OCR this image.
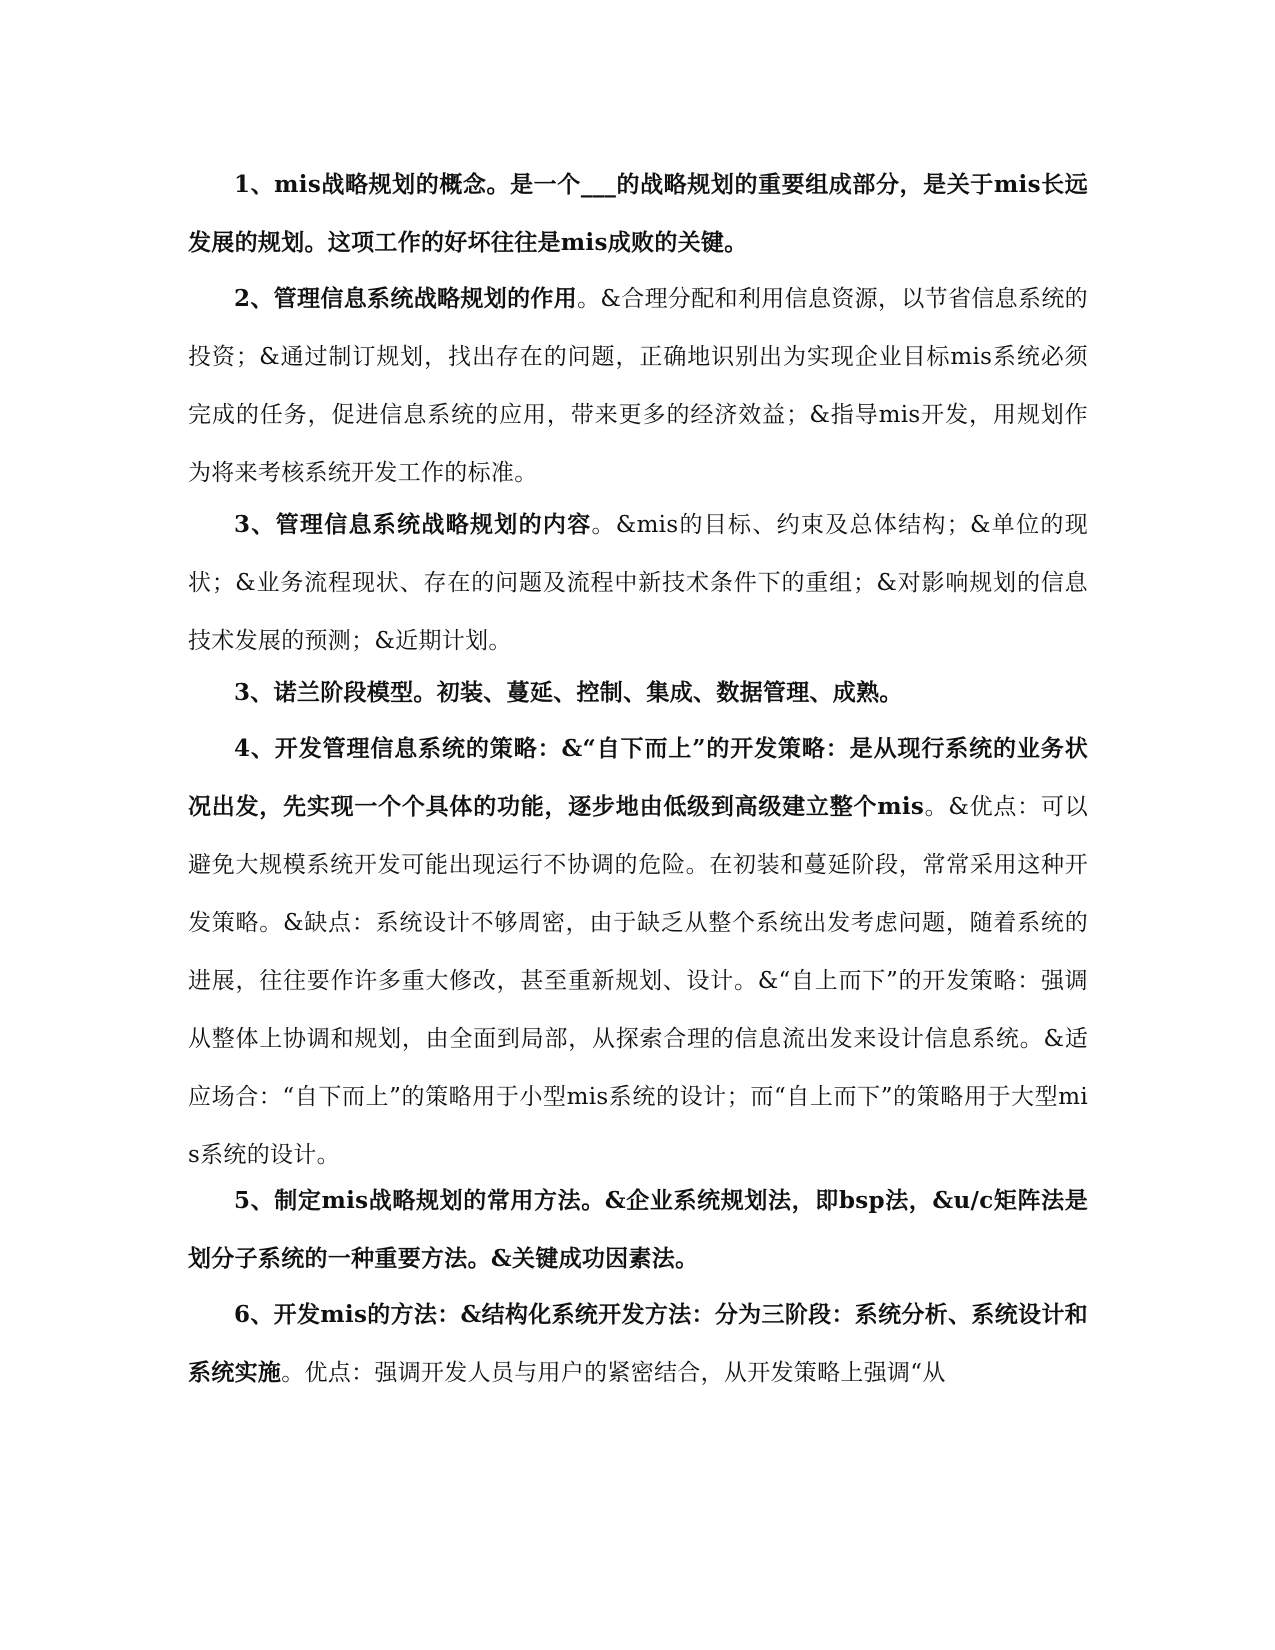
1、mis战略规划的概念。是一个___的战略规划的重要组成部分，是关于mis长远发展的规划。这项工作的好坏往往是mis成败的关键。

2、管理信息系统战略规划的作用。&合理分配和利用信息资源，以节省信息系统的投资；&通过制订规划，找出存在的问题，正确地识别出为实现企业目标mis系统必须完成的任务，促进信息系统的应用，带来更多的经济效益；&指导mis开发，用规划作为将来考核系统开发工作的标准。

3、管理信息系统战略规划的内容。&mis的目标、约束及总体结构；&单位的现状；&业务流程现状、存在的问题及流程中新技术条件下的重组；&对影响规划的信息技术发展的预测；&近期计划。

3、诺兰阶段模型。初装、蔓延、控制、集成、数据管理、成熟。

4、开发管理信息系统的策略：&“自下而上”的开发策略：是从现行系统的业务状况出发，先实现一个个具体的功能，逐步地由低级到高级建立整个mis。&优点：可以避免大规模系统开发可能出现运行不协调的危险。在初装和蔓延阶段，常常采用这种开发策略。&缺点：系统设计不够周密，由于缺乏从整个系统出发考虑问题，随着系统的进展，往往要作许多重大修改，甚至重新规划、设计。&“自上而下”的开发策略：强调从整体上协调和规划，由全面到局部，从探索合理的信息流出发来设计信息系统。&适应场合：“自下而上”的策略用于小型mis系统的设计；而“自上而下”的策略用于大型mis系统的设计。

5、制定mis战略规划的常用方法。&企业系统规划法，即bsp法，&u/c矩阵法是划分子系统的一种重要方法。&关键成功因素法。

6、开发mis的方法：&结构化系统开发方法：分为三阶段：系统分析、系统设计和系统实施。优点：强调开发人员与用户的紧密结合，从开发策略上强调“从
